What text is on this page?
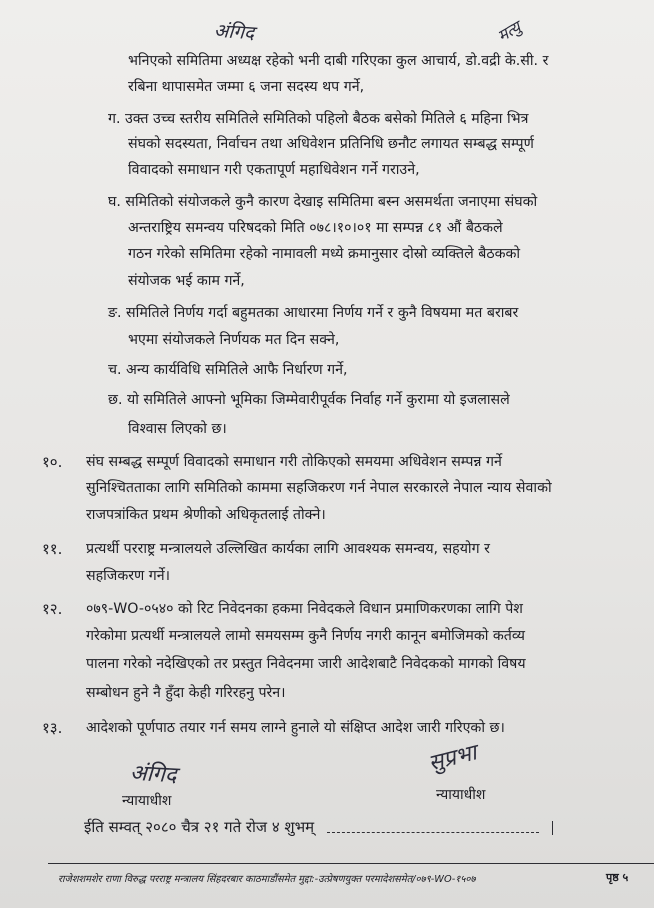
अंगिद	मत्यु
भनिएको समितिमा अध्यक्ष रहेको भनी दाबी गरिएका कुल आचार्य, डो.वद्री के.सी. र
रबिना थापासमेत जम्मा ६ जना सदस्य थप गर्ने,
ग. उक्त उच्च स्तरीय समितिले समितिको पहिलो बैठक बसेको मितिले ६ महिना भित्र
संघको सदस्यता, निर्वाचन तथा अधिवेशन प्रतिनिधि छनौट लगायत सम्बद्ध सम्पूर्ण
विवादको समाधान गरी एकतापूर्ण महाधिवेशन गर्ने गराउने,
घ. समितिको संयोजकले कुनै कारण देखाइ समितिमा बस्न असमर्थता जनाएमा संघको
अन्तराष्ट्रिय समन्वय परिषदको मिति ०७८।१०।०१ मा सम्पन्न ८१ औं बैठकले
गठन गरेको समितिमा रहेको नामावली मध्ये क्रमानुसार दोस्रो व्यक्तिले बैठकको
संयोजक भई काम गर्ने,
ङ. समितिले निर्णय गर्दा बहुमतका आधारमा निर्णय गर्ने र कुनै विषयमा मत बराबर
भएमा संयोजकले निर्णयक मत दिन सक्ने,
च. अन्य कार्यविधि समितिले आफै निर्धारण गर्ने,
छ. यो समितिले आफ्नो भूमिका जिम्मेवारीपूर्वक निर्वाह गर्ने कुरामा यो इजलासले
विश्वास लिएको छ।
१०. संघ सम्बद्ध सम्पूर्ण विवादको समाधान गरी तोकिएको समयमा अधिवेशन सम्पन्न गर्ने
सुनिश्चितताका लागि समितिको काममा सहजिकरण गर्न नेपाल सरकारले नेपाल न्याय सेवाको
राजपत्रांकित प्रथम श्रेणीको अधिकृतलाई तोक्ने।
११. प्रत्यर्थी परराष्ट्र मन्त्रालयले उल्लिखित कार्यका लागि आवश्यक समन्वय, सहयोग र
सहजिकरण गर्ने।
१२. ०७९-WO-०५४० को रिट निवेदनका हकमा निवेदकले विधान प्रमाणिकरणका लागि पेश
गरेकोमा प्रत्यर्थी मन्त्रालयले लामो समयसम्म कुनै निर्णय नगरी कानून बमोजिमको कर्तव्य
पालना गरेको नदेखिएको तर प्रस्तुत निवेदनमा जारी आदेशबाटै निवेदकको मागको विषय
सम्बोधन हुने नै हुँदा केही गरिरहनु परेन।
१३. आदेशको पूर्णपाठ तयार गर्न समय लाग्ने हुनाले यो संक्षिप्त आदेश जारी गरिएको छ।
अंगिद
न्यायाधीश
सुप्रभा
न्यायाधीश
ईति सम्वत् २०८० चैत्र २१ गते रोज ४ शुभम्
राजेशशमशेर राणा विरुद्ध परराष्ट्र मन्त्रालय सिंहदरबार काठमाडौंसमेत मुद्दा:-उत्प्रेषणयुक्त परमादेशसमेत/०७९-WO-१५०७	पृष्ठ ५
